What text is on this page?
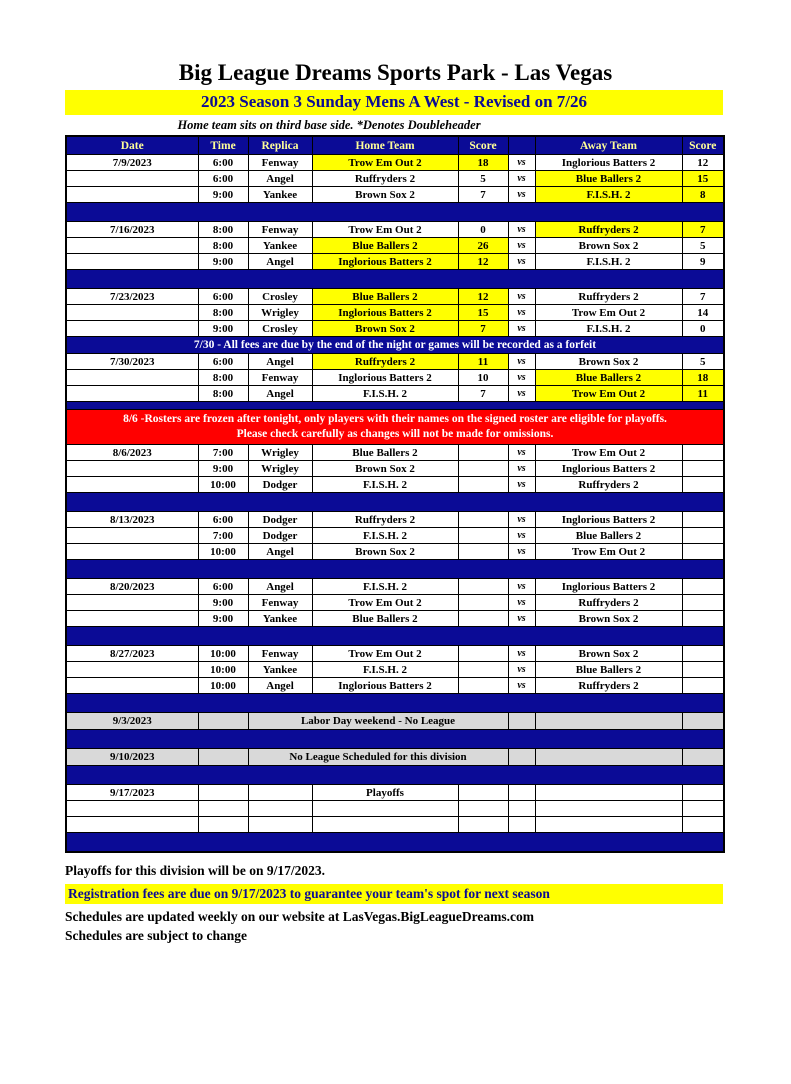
Big League Dreams Sports Park - Las Vegas
2023 Season 3 Sunday Mens A West - Revised on 7/26
Home team sits on third base side. *Denotes Doubleheader
Date	Time	Replica	Home Team	Score		Away Team	Score
7/9/2023	6:00	Fenway	Trow Em Out 2	18	vs	Inglorious Batters 2	12
	6:00	Angel	Ruffryders 2	5	vs	Blue Ballers 2	15
	9:00	Yankee	Brown Sox 2	7	vs	F.I.S.H. 2	8

7/16/2023	8:00	Fenway	Trow Em Out 2	0	vs	Ruffryders 2	7
	8:00	Yankee	Blue Ballers 2	26	vs	Brown Sox 2	5
	9:00	Angel	Inglorious Batters 2	12	vs	F.I.S.H. 2	9

7/23/2023	6:00	Crosley	Blue Ballers 2	12	vs	Ruffryders 2	7
	8:00	Wrigley	Inglorious Batters 2	15	vs	Trow Em Out 2	14
	9:00	Crosley	Brown Sox 2	7	vs	F.I.S.H. 2	0
7/30 - All fees are due by the end of the night or games will be recorded as a forfeit							
7/30/2023	6:00	Angel	Ruffryders 2	11	vs	Brown Sox 2	5
	8:00	Fenway	Inglorious Batters 2	10	vs	Blue Ballers 2	18
	8:00	Angel	F.I.S.H. 2	7	vs	Trow Em Out 2	11

8/6 -Rosters are frozen after tonight, only players with their names on the signed roster are eligible for playoffs.
Please check carefully as changes will not be made for omissions.							

8/6/2023	7:00	Wrigley	Blue Ballers 2		vs	Trow Em Out 2	
	9:00	Wrigley	Brown Sox 2		vs	Inglorious Batters 2	
	10:00	Dodger	F.I.S.H. 2		vs	Ruffryders 2	

8/13/2023	6:00	Dodger	Ruffryders 2		vs	Inglorious Batters 2	
	7:00	Dodger	F.I.S.H. 2		vs	Blue Ballers 2	
	10:00	Angel	Brown Sox 2		vs	Trow Em Out 2	

8/20/2023	6:00	Angel	F.I.S.H. 2		vs	Inglorious Batters 2	
	9:00	Fenway	Trow Em Out 2		vs	Ruffryders 2	
	9:00	Yankee	Blue Ballers 2		vs	Brown Sox 2	

8/27/2023	10:00	Fenway	Trow Em Out 2		vs	Brown Sox 2	
	10:00	Yankee	F.I.S.H. 2		vs	Blue Ballers 2	
	10:00	Angel	Inglorious Batters 2		vs	Ruffryders 2	

9/3/2023		Labor Day weekend - No League					

9/10/2023		No League Scheduled for this division					

9/17/2023			Playoffs				

Playoffs for this division will be on 9/17/2023.
Registration fees are due on 9/17/2023 to guarantee your team's spot for next season
Schedules are updated weekly on our website at LasVegas.BigLeagueDreams.com
Schedules are subject to change
